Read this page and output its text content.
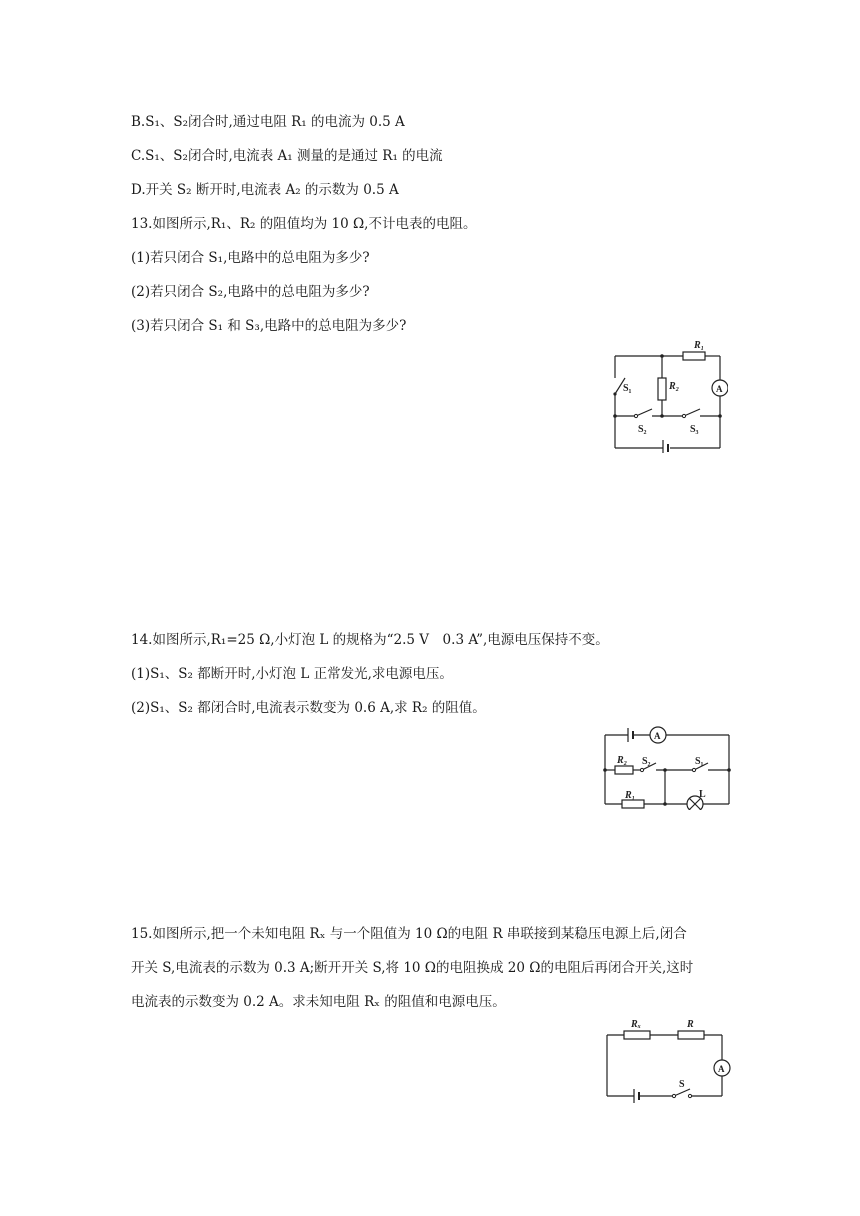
B.S₁、S₂闭合时,通过电阻 R₁ 的电流为 0.5 A
C.S₁、S₂闭合时,电流表 A₁ 测量的是通过 R₁ 的电流
D.开关 S₂ 断开时,电流表 A₂ 的示数为 0.5 A
13.如图所示,R₁、R₂ 的阻值均为 10 Ω,不计电表的电阻。
(1)若只闭合 S₁,电路中的总电阻为多少?
(2)若只闭合 S₂,电路中的总电阻为多少?
(3)若只闭合 S₁ 和 S₃,电路中的总电阻为多少?
R₁
R₂	A
S₁
S₂	S₃
14.如图所示,R₁=25 Ω,小灯泡 L 的规格为“2.5 V　0.3 A”,电源电压保持不变。
(1)S₁、S₂ 都断开时,小灯泡 L 正常发光,求电源电压。
(2)S₁、S₂ 都闭合时,电流表示数变为 0.6 A,求 R₂ 的阻值。
A
R₂ S₂	S₁
R₁	L
15.如图所示,把一个未知电阻 Rₓ 与一个阻值为 10 Ω的电阻 R 串联接到某稳压电源上后,闭合
开关 S,电流表的示数为 0.3 A;断开开关 S,将 10 Ω的电阻换成 20 Ω的电阻后再闭合开关,这时
电流表的示数变为 0.2 A。求未知电阻 Rₓ 的阻值和电源电压。
Rₓ	R
A
S
